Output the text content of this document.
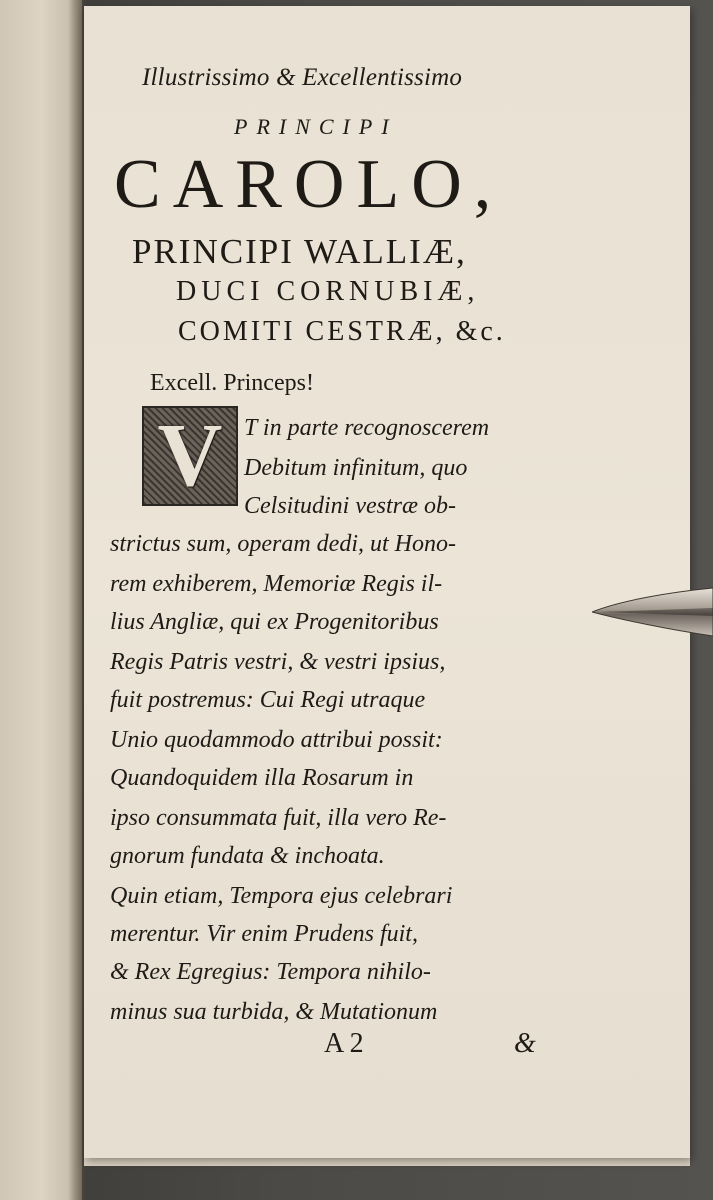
Illustrissimo & Excellentissimo
PRINCIPI
CAROLO,
PRINCIPI WALLIÆ,
DUCI CORNUBIÆ,
COMITI CESTRÆ, &c.
Excell. Princeps!
V T in parte recognoscerem
Debitum infinitum, quo
Celsitudini vestræ ob-
strictus sum, operam dedi, ut Hono-
rem exhiberem, Memoriæ Regis il-
lius Angliæ, qui ex Progenitoribus
Regis Patris vestri, & vestri ipsius,
fuit postremus: Cui Regi utraque
Unio quodammodo attribui possit:
Quandoquidem illa Rosarum in
ipso consummata fuit, illa vero Re-
gnorum fundata & inchoata.
Quin etiam, Tempora ejus celebrari
merentur. Vir enim Prudens fuit,
& Rex Egregius: Tempora nihilo-
minus sua turbida, & Mutationum
A 2	&
